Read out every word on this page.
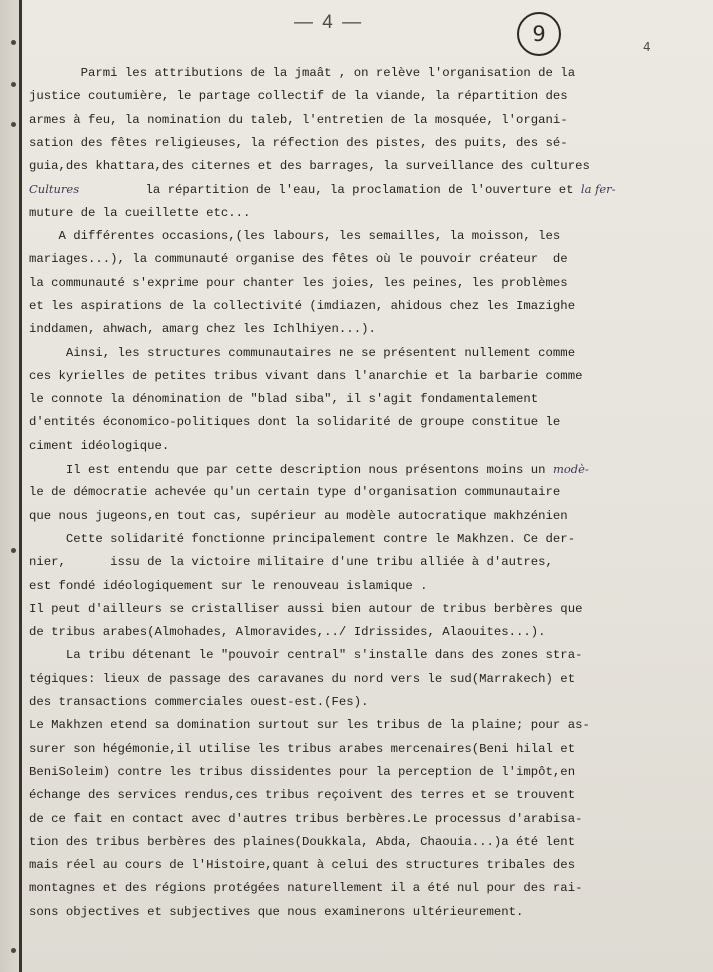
— 4 —	9
4
Parmi les attributions de la jmaât , on relève l'organisation de la
justice coutumière, le partage collectif de la viande, la répartition des
armes à feu, la nomination du taleb, l'entretien de la mosquée, l'organi-
sation des fêtes religieuses, la réfection des pistes, des puits, des sé-
guia,des khattara,des citernes et des barrages, la surveillance des cultures
Cultures         la répartition de l'eau, la proclamation de l'ouverture et la fer-
muture de la cueillette etc...
A différentes occasions,(les labours, les semailles, la moisson, les
mariages...), la communauté organise des fêtes où le pouvoir créateur  de
la communauté s'exprime pour chanter les joies, les peines, les problèmes
et les aspirations de la collectivité (imdiazen, ahidous chez les Imazighe
inddamen, ahwach, amarg chez les Ichlhiyen...).
Ainsi, les structures communautaires ne se présentent nullement comme
ces kyrielles de petites tribus vivant dans l'anarchie et la barbarie comme
le connote la dénomination de "blad siba", il s'agit fondamentalement
d'entités économico-politiques dont la solidarité de groupe constitue le
ciment idéologique.
Il est entendu que par cette description nous présentons moins un modè-
le de démocratie achevée qu'un certain type d'organisation communautaire
que nous jugeons,en tout cas, supérieur au modèle autocratique makhzénien
Cette solidarité fonctionne principalement contre le Makhzen. Ce der-
nier,      issu de la victoire militaire d'une tribu alliée à d'autres,
est fondé idéologiquement sur le renouveau islamique .
Il peut d'ailleurs se cristalliser aussi bien autour de tribus berbères que
de tribus arabes(Almohades, Almoravides,../ Idrissides, Alaouites...).
La tribu détenant le "pouvoir central" s'installe dans des zones stra-
tégiques: lieux de passage des caravanes du nord vers le sud(Marrakech) et
des transactions commerciales ouest-est.(Fes).
Le Makhzen etend sa domination surtout sur les tribus de la plaine; pour as-
surer son hégémonie,il utilise les tribus arabes mercenaires(Beni hilal et
BeniSoleim) contre les tribus dissidentes pour la perception de l'impôt,en
échange des services rendus,ces tribus reçoivent des terres et se trouvent
de ce fait en contact avec d'autres tribus berbères.Le processus d'arabisa-
tion des tribus berbères des plaines(Doukkala, Abda, Chaouia...)a été lent
mais réel au cours de l'Histoire,quant à celui des structures tribales des
montagnes et des régions protégées naturellement il a été nul pour des rai-
sons objectives et subjectives que nous examinerons ultérieurement.
